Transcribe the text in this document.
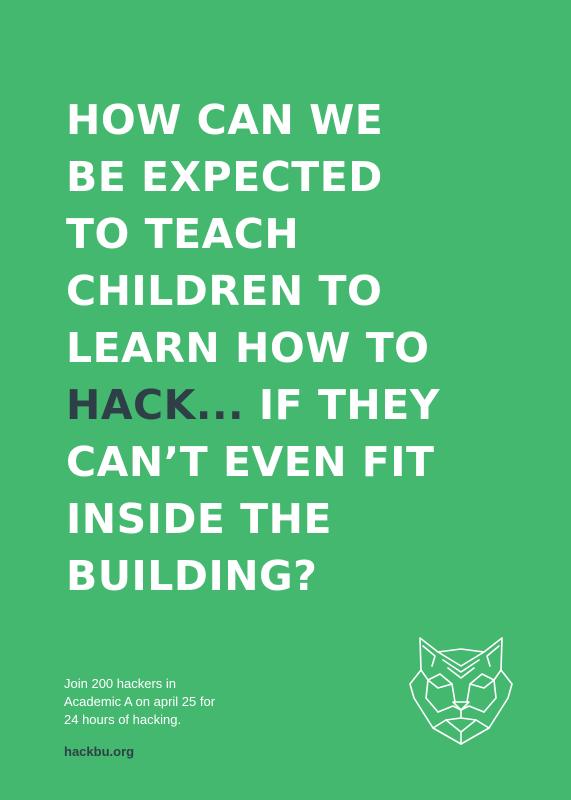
HOW CAN WE
BE EXPECTED
TO TEACH
CHILDREN TO
LEARN HOW TO
HACK... IF THEY
CAN’T EVEN FIT
INSIDE THE
BUILDING?

Join 200 hackers in
Academic A on april 25 for
24 hours of hacking.

hackbu.org
